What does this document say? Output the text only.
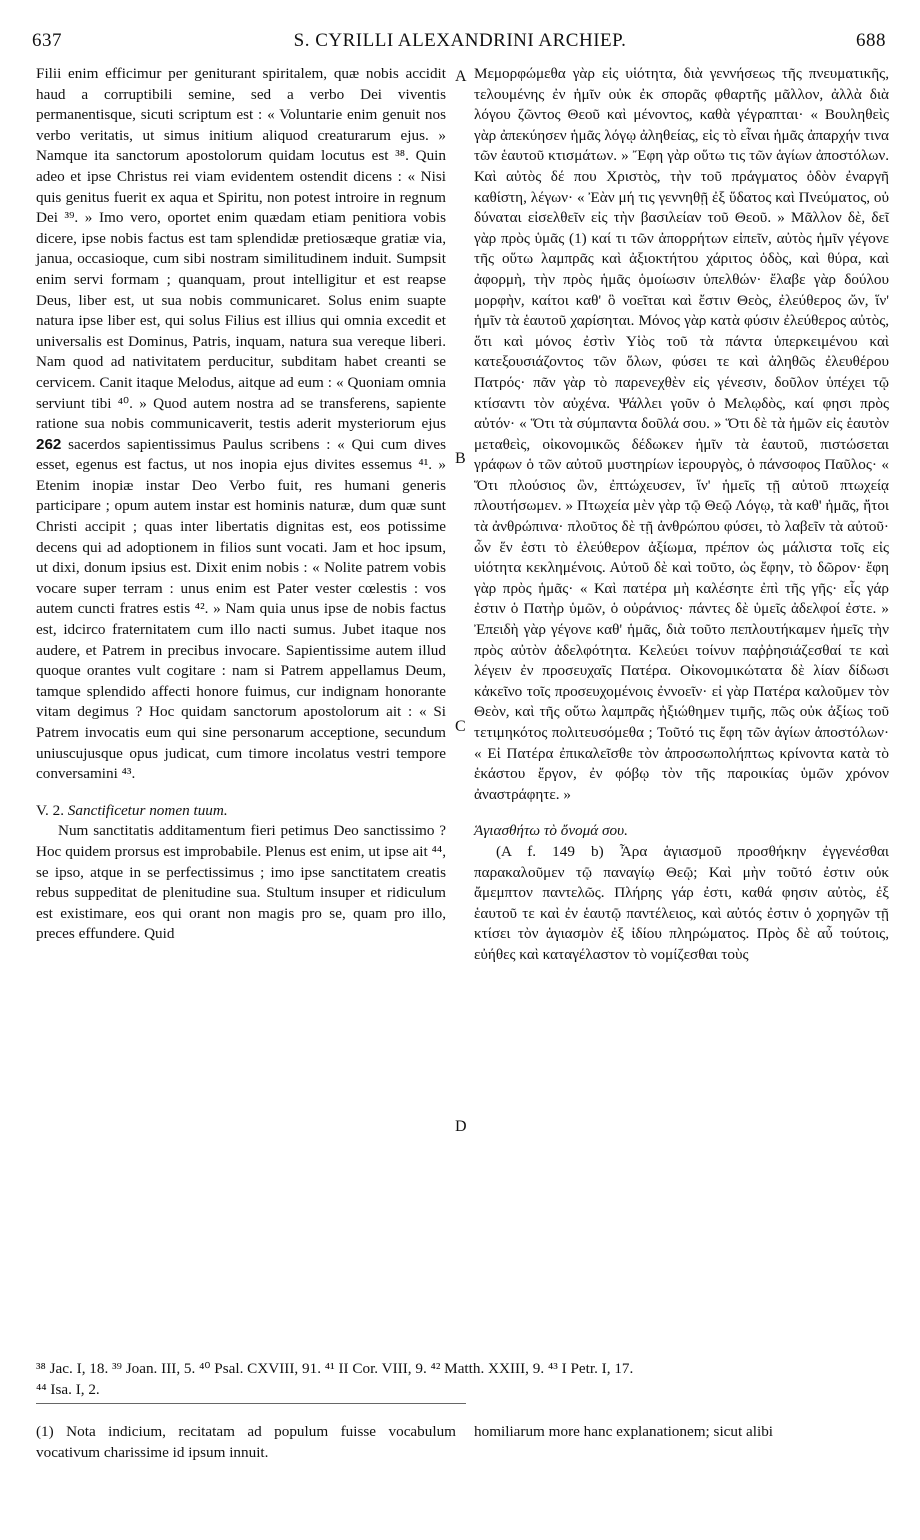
637	S. CYRILLI ALEXANDRINI ARCHIEP.	688

Filii enim efficimur per geniturant spiritalem, quæ nobis accidit haud a corruptibili semine, sed a verbo Dei viventis permanentisque, sicuti scriptum est : « Voluntarie enim genuit nos verbo veritatis, ut simus initium aliquod creaturarum ejus. » Namque ita sanctorum apostolorum quidam locutus est ³⁸. Quin adeo et ipse Christus rei viam evidentem ostendit dicens : « Nisi quis genitus fuerit ex aqua et Spiritu, non potest introire in regnum Dei ³⁹. » Imo vero, oportet enim quædam etiam penitiora vobis dicere, ipse nobis factus est tam splendidæ pretiosæque gratiæ via, janua, occasioque, cum sibi nostram similitudinem induit. Sumpsit enim servi formam ; quanquam, prout intelligitur et est reapse Deus, liber est, ut sua nobis communicaret. Solus enim suapte natura ipse liber est, qui solus Filius est illius qui omnia excedit et universalis est Dominus, Patris, inquam, natura sua vereque liberi. Nam quod ad nativitatem perducitur, subditam habet creanti se cervicem. Canit itaque Melodus, aitque ad eum : « Quoniam omnia serviunt tibi ⁴⁰. » Quod autem nostra ad se transferens, sapiente ratione sua nobis communicaverit, testis aderit mysteriorum ejus 262 sacerdos sapientissimus Paulus scribens : « Qui cum dives esset, egenus est factus, ut nos inopia ejus divites essemus ⁴¹. » Etenim inopiæ instar Deo Verbo fuit, res humani generis participare ; opum autem instar est hominis naturæ, dum quæ sunt Christi accipit ; quas inter libertatis dignitas est, eos potissime decens qui ad adoptionem in filios sunt vocati. Jam et hoc ipsum, ut dixi, donum ipsius est. Dixit enim nobis : « Nolite patrem vobis vocare super terram : unus enim est Pater vester cœlestis : vos autem cuncti fratres estis ⁴². » Nam quia unus ipse de nobis factus est, idcirco fraternitatem cum illo nacti sumus. Jubet itaque nos audere, et Patrem in precibus invocare. Sapientissime autem illud quoque orantes vult cogitare : nam si Patrem appellamus Deum, tamque splendido affecti honore fuimus, cur indignam honorante vitam degimus ? Hoc quidam sanctorum apostolorum ait : « Si Patrem invocatis eum qui sine personarum acceptione, secundum uniuscujusque opus judicat, cum timore incolatus vestri tempore conversamini ⁴³.

V. 2. Sanctificetur nomen tuum.

Num sanctitatis additamentum fieri petimus Deo sanctissimo ? Hoc quidem prorsus est improbabile. Plenus est enim, ut ipse ait ⁴⁴, se ipso, atque in se perfectissimus ; imo ipse sanctitatem creatis rebus suppeditat de plenitudine sua. Stultum insuper et ridiculum est existimare, eos qui orant non magis pro se, quam pro illo, preces effundere. Quid

Μεμορφώμεθα γὰρ εἰς υἱότητα, διὰ γεννήσεως τῆς πνευματικῆς, τελουμένης ἐν ἡμῖν οὐκ ἐκ σπορᾶς φθαρτῆς μᾶλλον, ἀλλὰ διὰ λόγου ζῶντος Θεοῦ καὶ μένοντος, καθὰ γέγραπται· « Βουληθεὶς γὰρ ἀπεκύησεν ἡμᾶς λόγῳ ἀληθείας, εἰς τὸ εἶναι ἡμᾶς ἀπαρχήν τινα τῶν ἑαυτοῦ κτισμάτων. » Ἔφη γὰρ οὕτω τις τῶν ἁγίων ἀποστόλων. Καὶ αὐτὸς δέ που Χριστὸς, τὴν τοῦ πράγματος ὁδὸν ἐναργῆ καθίστη, λέγων· « Ἐὰν μή τις γεννηθῇ ἐξ ὕδατος καὶ Πνεύματος, οὐ δύναται εἰσελθεῖν εἰς τὴν βασιλείαν τοῦ Θεοῦ. » Μᾶλλον δὲ, δεῖ γὰρ πρὸς ὑμᾶς (1) καί τι τῶν ἀπορρήτων εἰπεῖν, αὐτὸς ἡμῖν γέγονε τῆς οὕτω λαμπρᾶς καὶ ἀξιοκτήτου χάριτος ὁδὸς, καὶ θύρα, καὶ ἀφορμὴ, τὴν πρὸς ἡμᾶς ὁμοίωσιν ὑπελθών· ἔλαβε γὰρ δούλου μορφὴν, καίτοι καθ' ὃ νοεῖται καὶ ἔστιν Θεὸς, ἐλεύθερος ὤν, ἵν' ἡμῖν τὰ ἑαυτοῦ χαρίσηται. Μόνος γὰρ κατὰ φύσιν ἐλεύθερος αὐτὸς, ὅτι καὶ μόνος ἐστὶν Υἱὸς τοῦ τὰ πάντα ὑπερκειμένου καὶ κατεξουσιάζοντος τῶν ὅλων, φύσει τε καὶ ἀληθῶς ἐλευθέρου Πατρός· πᾶν γὰρ τὸ παρενεχθὲν εἰς γένεσιν, δοῦλον ὑπέχει τῷ κτίσαντι τὸν αὐχένα. Ψάλλει γοῦν ὁ Μελῳδὸς, καί φησι πρὸς αὐτόν· « Ὅτι τὰ σύμπαντα δοῦλά σου. » Ὅτι δὲ τὰ ἡμῶν εἰς ἑαυτὸν μεταθεὶς, οἰκονομικῶς δέδωκεν ἡμῖν τὰ ἑαυτοῦ, πιστώσεται γράφων ὁ τῶν αὐτοῦ μυστηρίων ἱερουργὸς, ὁ πάνσοφος Παῦλος· « Ὅτι πλούσιος ὢν, ἐπτώχευσεν, ἵν' ἡμεῖς τῇ αὐτοῦ πτωχείᾳ πλουτήσωμεν. » Πτωχεία μὲν γὰρ τῷ Θεῷ Λόγῳ, τὰ καθ' ἡμᾶς, ἤτοι τὰ ἀνθρώπινα· πλοῦτος δὲ τῇ ἀνθρώπου φύσει, τὸ λαβεῖν τὰ αὐτοῦ· ὧν ἕν ἐστι τὸ ἐλεύθερον ἀξίωμα, πρέπον ὡς μάλιστα τοῖς εἰς υἱότητα κεκλημένοις. Αὐτοῦ δὲ καὶ τοῦτο, ὡς ἔφην, τὸ δῶρον· ἔφη γὰρ πρὸς ἡμᾶς· « Καὶ πατέρα μὴ καλέσητε ἐπὶ τῆς γῆς· εἷς γάρ ἐστιν ὁ Πατὴρ ὑμῶν, ὁ οὐράνιος· πάντες δὲ ὑμεῖς ἀδελφοί ἐστε. » Ἐπειδὴ γὰρ γέγονε καθ' ἡμᾶς, διὰ τοῦτο πεπλουτήκαμεν ἡμεῖς τὴν πρὸς αὐτὸν ἀδελφότητα. Κελεύει τοίνυν παῤῥησιάζεσθαί τε καὶ λέγειν ἐν προσευχαῖς Πατέρα. Οἰκονομικώτατα δὲ λίαν δίδωσι κἀκεῖνο τοῖς προσευχομένοις ἐννοεῖν· εἰ γὰρ Πατέρα καλοῦμεν τὸν Θεὸν, καὶ τῆς οὕτω λαμπρᾶς ἠξιώθημεν τιμῆς, πῶς οὐκ ἀξίως τοῦ τετιμηκότος πολιτευσόμεθα ; Τοῦτό τις ἔφη τῶν ἁγίων ἀποστόλων· « Εἰ Πατέρα ἐπικαλεῖσθε τὸν ἀπροσωπολήπτως κρίνοντα κατὰ τὸ ἑκάστου ἔργον, ἐν φόβῳ τὸν τῆς παροικίας ὑμῶν χρόνον ἀναστράφητε. »

Ἁγιασθήτω τὸ ὄνομά σου.

(A f. 149 b) Ἆρα ἁγιασμοῦ προσθήκην ἐγγενέσθαι παρακαλοῦμεν τῷ παναγίῳ Θεῷ; Καὶ μὴν τοῦτό ἐστιν οὐκ ἄμεμπτον παντελῶς. Πλήρης γάρ ἐστι, καθά φησιν αὐτὸς, ἐξ ἑαυτοῦ τε καὶ ἐν ἑαυτῷ παντέλειος, καὶ αὐτός ἐστιν ὁ χορηγῶν τῇ κτίσει τὸν ἁγιασμὸν ἐξ ἰδίου πληρώματος. Πρὸς δὲ αὖ τούτοις, εὐήθες καὶ καταγέλαστον τὸ νομίζεσθαι τοὺς

A
B
C
D
³⁸ Jac. I, 18. ³⁹ Joan. III, 5. ⁴⁰ Psal. CXVIII, 91. ⁴¹ II Cor. VIII, 9. ⁴² Matth. XXIII, 9. ⁴³ I Petr. I, 17.
⁴⁴ Isa. I, 2.
(1) Nota indicium, recitatam ad populum fuisse vocabulum vocativum charissime id ipsum innuit.
homiliarum more hanc explanationem; sicut alibi
